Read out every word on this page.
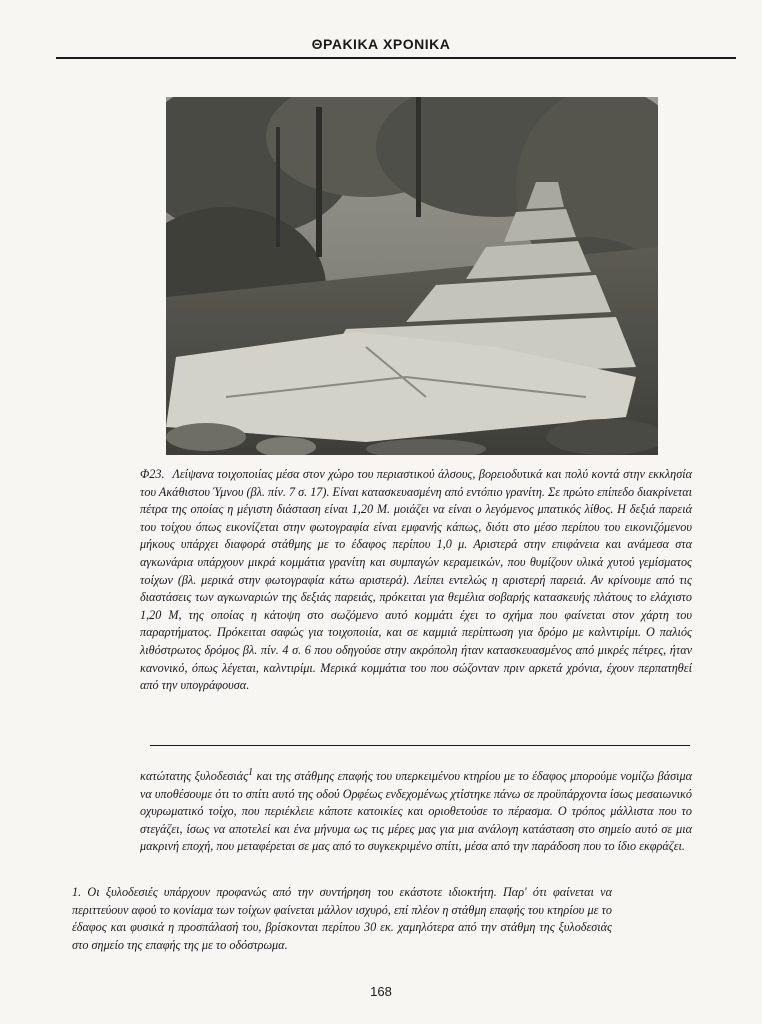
ΘΡΑΚΙΚΑ ΧΡΟΝΙΚΑ
Φ23. Λείψανα τοιχοποιίας μέσα στον χώρο του περιαστικού άλσους, βορειοδυτικά και πολύ κοντά στην εκκλησία του Ακάθιστου Ύμνου (βλ. πίν. 7 σ. 17). Είναι κατασκευασμένη από εντόπιο γρανίτη. Σε πρώτο επίπεδο διακρίνεται πέτρα της οποίας η μέγιστη διάσταση είναι 1,20 Μ. μοιάζει να είναι ο λεγόμενος μπατικός λίθος. Η δεξιά παρειά του τοίχου όπως εικονίζεται στην φωτογραφία είναι εμφανής κάπως, διότι στο μέσο περίπου του εικονιζόμενου μήκους υπάρχει διαφορά στάθμης με το έδαφος περίπου 1,0 μ. Αριστερά στην επιφάνεια και ανάμεσα στα αγκωνάρια υπάρχουν μικρά κομμάτια γρανίτη και συμπαγών κεραμεικών, που θυμίζουν υλικά χυτού γεμίσματος τοίχων (βλ. μερικά στην φωτογραφία κάτω αριστερά). Λείπει εντελώς η αριστερή παρειά. Αν κρίνουμε από τις διαστάσεις των αγκωναριών της δεξιάς παρειάς, πρόκειται για θεμέλια σοβαρής κατασκευής πλάτους το ελάχιστο 1,20 Μ, της οποίας η κάτοψη στο σωζόμενο αυτό κομμάτι έχει το σχήμα που φαίνεται στον χάρτη του παραρτήματος. Πρόκειται σαφώς για τοιχοποιία, και σε καμμιά περίπτωση για δρόμο με καλντιρίμι. Ο παλιός λιθόστρωτος δρόμος βλ. πίν. 4 σ. 6 που οδηγούσε στην ακρόπολη ήταν κατασκευασμένος από μικρές πέτρες, ήταν κανονικό, όπως λέγεται, καλντιρίμι. Μερικά κομμάτια του που σώζονταν πριν αρκετά χρόνια, έχουν περπατηθεί από την υπογράφουσα.
κατώτατης ξυλοδεσιάς$^1$ και της στάθμης επαφής του υπερκειμένου κτηρίου με το έδαφος μπορούμε νομίζω βάσιμα να υποθέσουμε ότι το σπίτι αυτό της οδού Ορφέως ενδεχομένως χτίστηκε πάνω σε προϋπάρχοντα ίσως μεσαιωνικό οχυρωματικό τοίχο, που περιέκλειε κάποτε κατοικίες και οριοθετούσε το πέρασμα. Ο τρόπος μάλλιστα που το στεγάζει, ίσως να αποτελεί και ένα μήνυμα ως τις μέρες μας για μια ανάλογη κατάσταση στο σημείο αυτό σε μια μακρινή εποχή, που μεταφέρεται σε μας από το συγκεκριμένο σπίτι, μέσα από την παράδοση που το ίδιο εκφράζει.
1. Οι ξυλοδεσιές υπάρχουν προφανώς από την συντήρηση του εκάστοτε ιδιοκτήτη. Παρ' ότι φαίνεται να περιττεύουν αφού το κονίαμα των τοίχων φαίνεται μάλλον ισχυρό, επί πλέον η στάθμη επαφής του κτηρίου με το έδαφος και φυσικά η προσπάλασή του, βρίσκονται περίπου 30 εκ. χαμηλότερα από την στάθμη της ξυλοδεσιάς στο σημείο της επαφής της με το οδόστρωμα.
168
